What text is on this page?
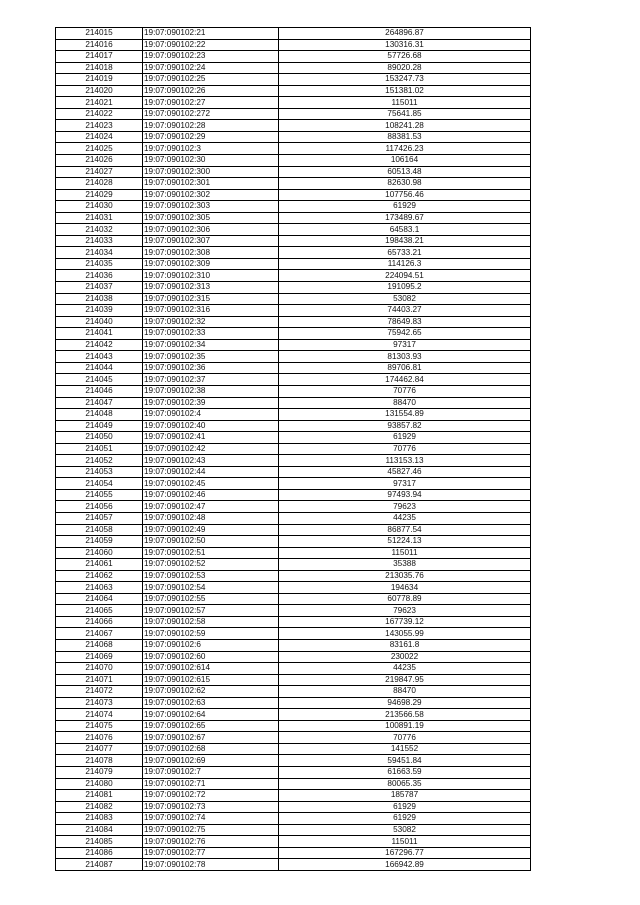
214015	19:07:090102:21	264896.87
214016	19:07:090102:22	130316.31
214017	19:07:090102:23	57726.68
214018	19:07:090102:24	89020.28
214019	19:07:090102:25	153247.73
214020	19:07:090102:26	151381.02
214021	19:07:090102:27	115011
214022	19:07:090102:272	75641.85
214023	19:07:090102:28	108241.28
214024	19:07:090102:29	88381.53
214025	19:07:090102:3	117426.23
214026	19:07:090102:30	106164
214027	19:07:090102:300	60513.48
214028	19:07:090102:301	82630.98
214029	19:07:090102:302	107756.46
214030	19:07:090102:303	61929
214031	19:07:090102:305	173489.67
214032	19:07:090102:306	64583.1
214033	19:07:090102:307	198438.21
214034	19:07:090102:308	65733.21
214035	19:07:090102:309	114126.3
214036	19:07:090102:310	224094.51
214037	19:07:090102:313	191095.2
214038	19:07:090102:315	53082
214039	19:07:090102:316	74403.27
214040	19:07:090102:32	78649.83
214041	19:07:090102:33	75942.65
214042	19:07:090102:34	97317
214043	19:07:090102:35	81303.93
214044	19:07:090102:36	89706.81
214045	19:07:090102:37	174462.84
214046	19:07:090102:38	70776
214047	19:07:090102:39	88470
214048	19:07:090102:4	131554.89
214049	19:07:090102:40	93857.82
214050	19:07:090102:41	61929
214051	19:07:090102:42	70776
214052	19:07:090102:43	113153.13
214053	19:07:090102:44	45827.46
214054	19:07:090102:45	97317
214055	19:07:090102:46	97493.94
214056	19:07:090102:47	79623
214057	19:07:090102:48	44235
214058	19:07:090102:49	86877.54
214059	19:07:090102:50	51224.13
214060	19:07:090102:51	115011
214061	19:07:090102:52	35388
214062	19:07:090102:53	213035.76
214063	19:07:090102:54	194634
214064	19:07:090102:55	60778.89
214065	19:07:090102:57	79623
214066	19:07:090102:58	167739.12
214067	19:07:090102:59	143055.99
214068	19:07:090102:6	83161.8
214069	19:07:090102:60	230022
214070	19:07:090102:614	44235
214071	19:07:090102:615	219847.95
214072	19:07:090102:62	88470
214073	19:07:090102:63	94698.29
214074	19:07:090102:64	213566.58
214075	19:07:090102:65	100891.19
214076	19:07:090102:67	70776
214077	19:07:090102:68	141552
214078	19:07:090102:69	59451.84
214079	19:07:090102:7	61663.59
214080	19:07:090102:71	80065.35
214081	19:07:090102:72	185787
214082	19:07:090102:73	61929
214083	19:07:090102:74	61929
214084	19:07:090102:75	53082
214085	19:07:090102:76	115011
214086	19:07:090102:77	167296.77
214087	19:07:090102:78	166942.89
